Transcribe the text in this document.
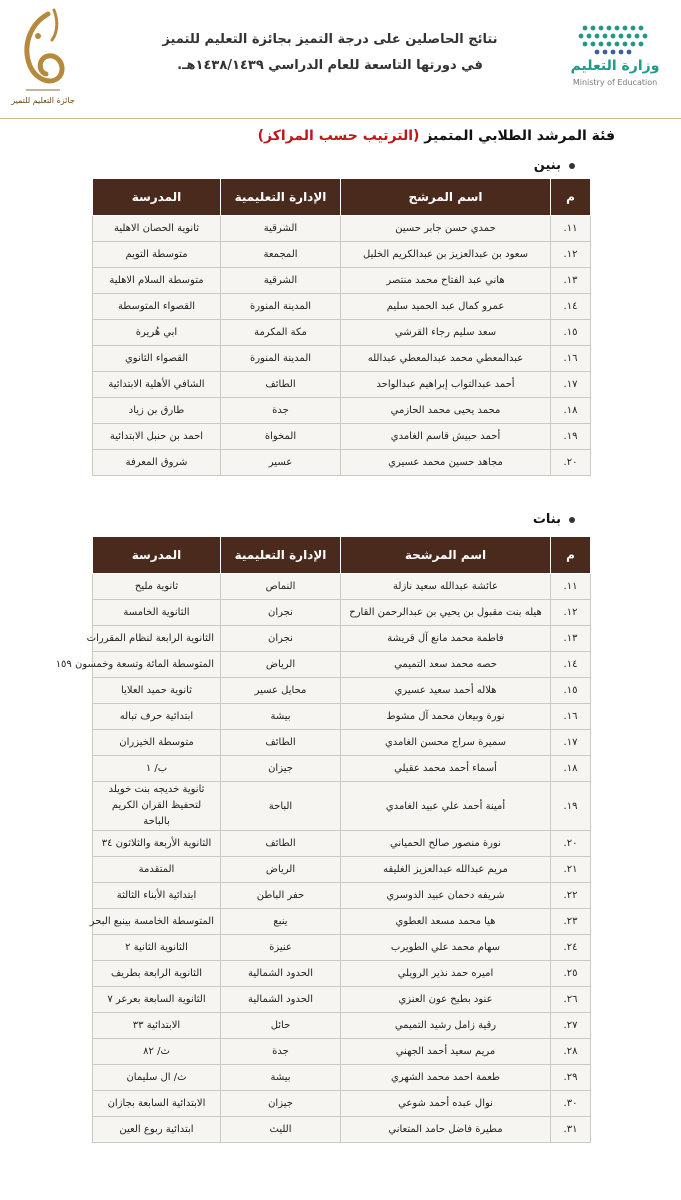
وزارة التعليم
Ministry of Education
نتائج الحاصلين على درجة التميز بجائزة التعليم للتميز
في دورتها التاسعة للعام الدراسي ١٤٣٨/١٤٣٩هـ.
جائزة التعليم للتميز
فئة المرشد الطلابي المتميز (الترتيب حسب المراكز)
بنين
م	اسم المرشح	الإدارة التعليمية	المدرسة
١١.	حمدي حسن جابر حسين	الشرقية	ثانوية الحصان الاهلية
١٢.	سعود بن عبدالعزيز بن عبدالكريم الخليل	المجمعة	متوسطة التويم
١٣.	هاني عبد الفتاح محمد منتصر	الشرقية	متوسطة السلام الاهلية
١٤.	عمرو كمال عبد الحميد سليم	المدينة المنورة	القصواء المتوسطة
١٥.	سعد سليم رجاء القرشي	مكة المكرمة	ابي هُريرة
١٦.	عبدالمعطي محمد عبدالمعطي عبدالله	المدينة المنورة	القصواء الثانوي
١٧.	أحمد عبدالتواب إبراهيم عبدالواحد	الطائف	الشافي الأهلية الابتدائية
١٨.	محمد يحيى محمد الحازمي	جدة	طارق بن زياد
١٩.	أحمد حبيش قاسم الغامدي	المخواة	احمد بن حنبل الابتدائية
٢٠.	مجاهد حسين محمد عسيري	عسير	شروق المعرفة
بنات
م	اسم المرشحة	الإدارة التعليمية	المدرسة
١١.	عائشة عبدالله سعيد نازلة	النماص	ثانوية مليح
١٢.	هيله بنت مقبول بن يحيي بن عبدالرحمن القارح	نجران	الثانوية الخامسة
١٣.	فاطمة محمد مانع آل قريشة	نجران	الثانوية الرابعة لنظام المقررات
١٤.	حصه محمد سعد التميمي	الرياض	المتوسطة المائة وتسعة وخمسون ١٥٩
١٥.	هلاله أحمد سعيد عسيري	محايل عسير	ثانوية حميد العلايا
١٦.	نورة وبيعان محمد آل مشوط	بيشة	ابتدائية حرف تباله
١٧.	سميرة سراج محسن الغامدي	الطائف	متوسطة الخيزران
١٨.	أسماء أحمد محمد عقيلي	جيزان	ب/ ١
١٩.	أمينة أحمد علي عبيد الغامدي	الباحة	ثانوية خديجه بنت خويلد لتحفيظ القران الكريم بالباحة
٢٠.	نورة منصور صالح الحمياني	الطائف	الثانوية الأربعة والثلاثون ٣٤
٢١.	مريم عبدالله عبدالعزيز الغليقه	الرياض	المتقدمة
٢٢.	شريفه دحمان عبيد الدوسري	حفر الباطن	ابتدائية الأبناء الثالثة
٢٣.	هيا محمد مسعد العطوي	ينبع	المتوسطة الخامسة بينبع البحر
٢٤.	سهام محمد علي الطويرب	عنيزة	الثانوية الثانية ٢
٢٥.	اميره حمد نذير الرويلي	الحدود الشمالية	الثانوية الرابعة بطريف
٢٦.	عنود بطيح عون العنزي	الحدود الشمالية	الثانوية السابعة بعرعر ٧
٢٧.	رقية زامل رشيد التميمي	حائل	الابتدائية ٣٣
٢٨.	مريم سعيد أحمد الجهني	جدة	ث/ ٨٢
٢٩.	طعمة احمد محمد الشهري	بيشة	ث/ ال سليمان
٣٠.	نوال عبده أحمد شوعي	جيزان	الابتدائية السابعة بجازان
٣١.	مطيرة فاضل حامد المتعاني	الليث	ابتدائية ربوع العين
